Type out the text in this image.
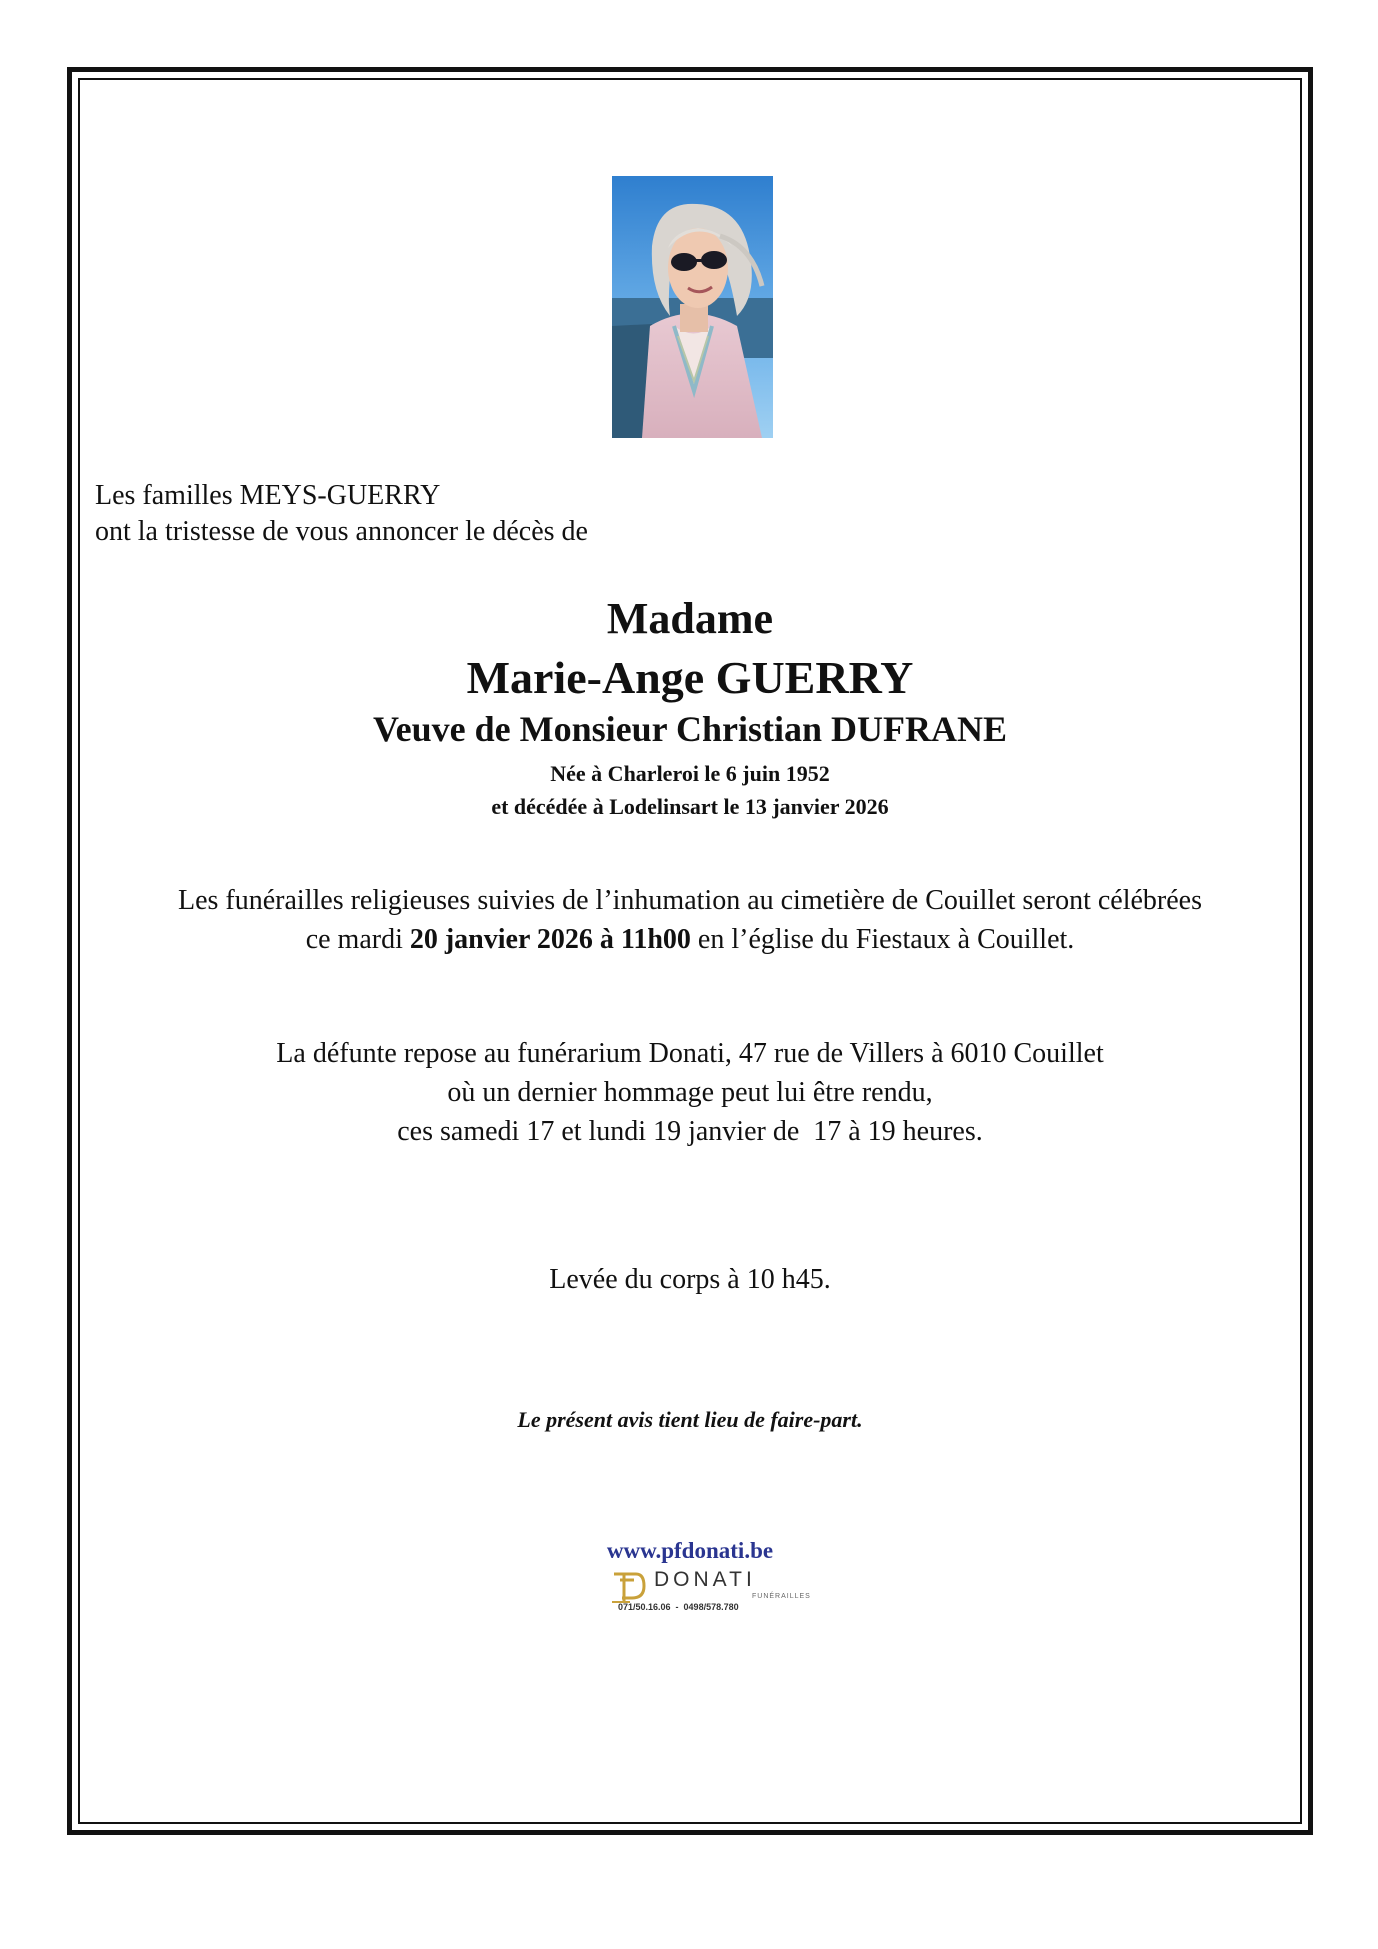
Les familles MEYS-GUERRY
ont la tristesse de vous annoncer le décès de
Madame
Marie-Ange GUERRY
Veuve de Monsieur Christian DUFRANE
Née à Charleroi le 6 juin 1952
et décédée à Lodelinsart le 13 janvier 2026
Les funérailles religieuses suivies de l’inhumation au cimetière de Couillet seront célébrées
ce mardi 20 janvier 2026 à 11h00 en l’église du Fiestaux à Couillet.
La défunte repose au funérarium Donati, 47 rue de Villers à 6010 Couillet
où un dernier hommage peut lui être rendu,
ces samedi 17 et lundi 19 janvier de  17 à 19 heures.
Levée du corps à 10 h45.
Le présent avis tient lieu de faire-part.
www.pfdonati.be
DONATI
FUNÉRAILLES
071/50.16.06  -  0498/578.780
